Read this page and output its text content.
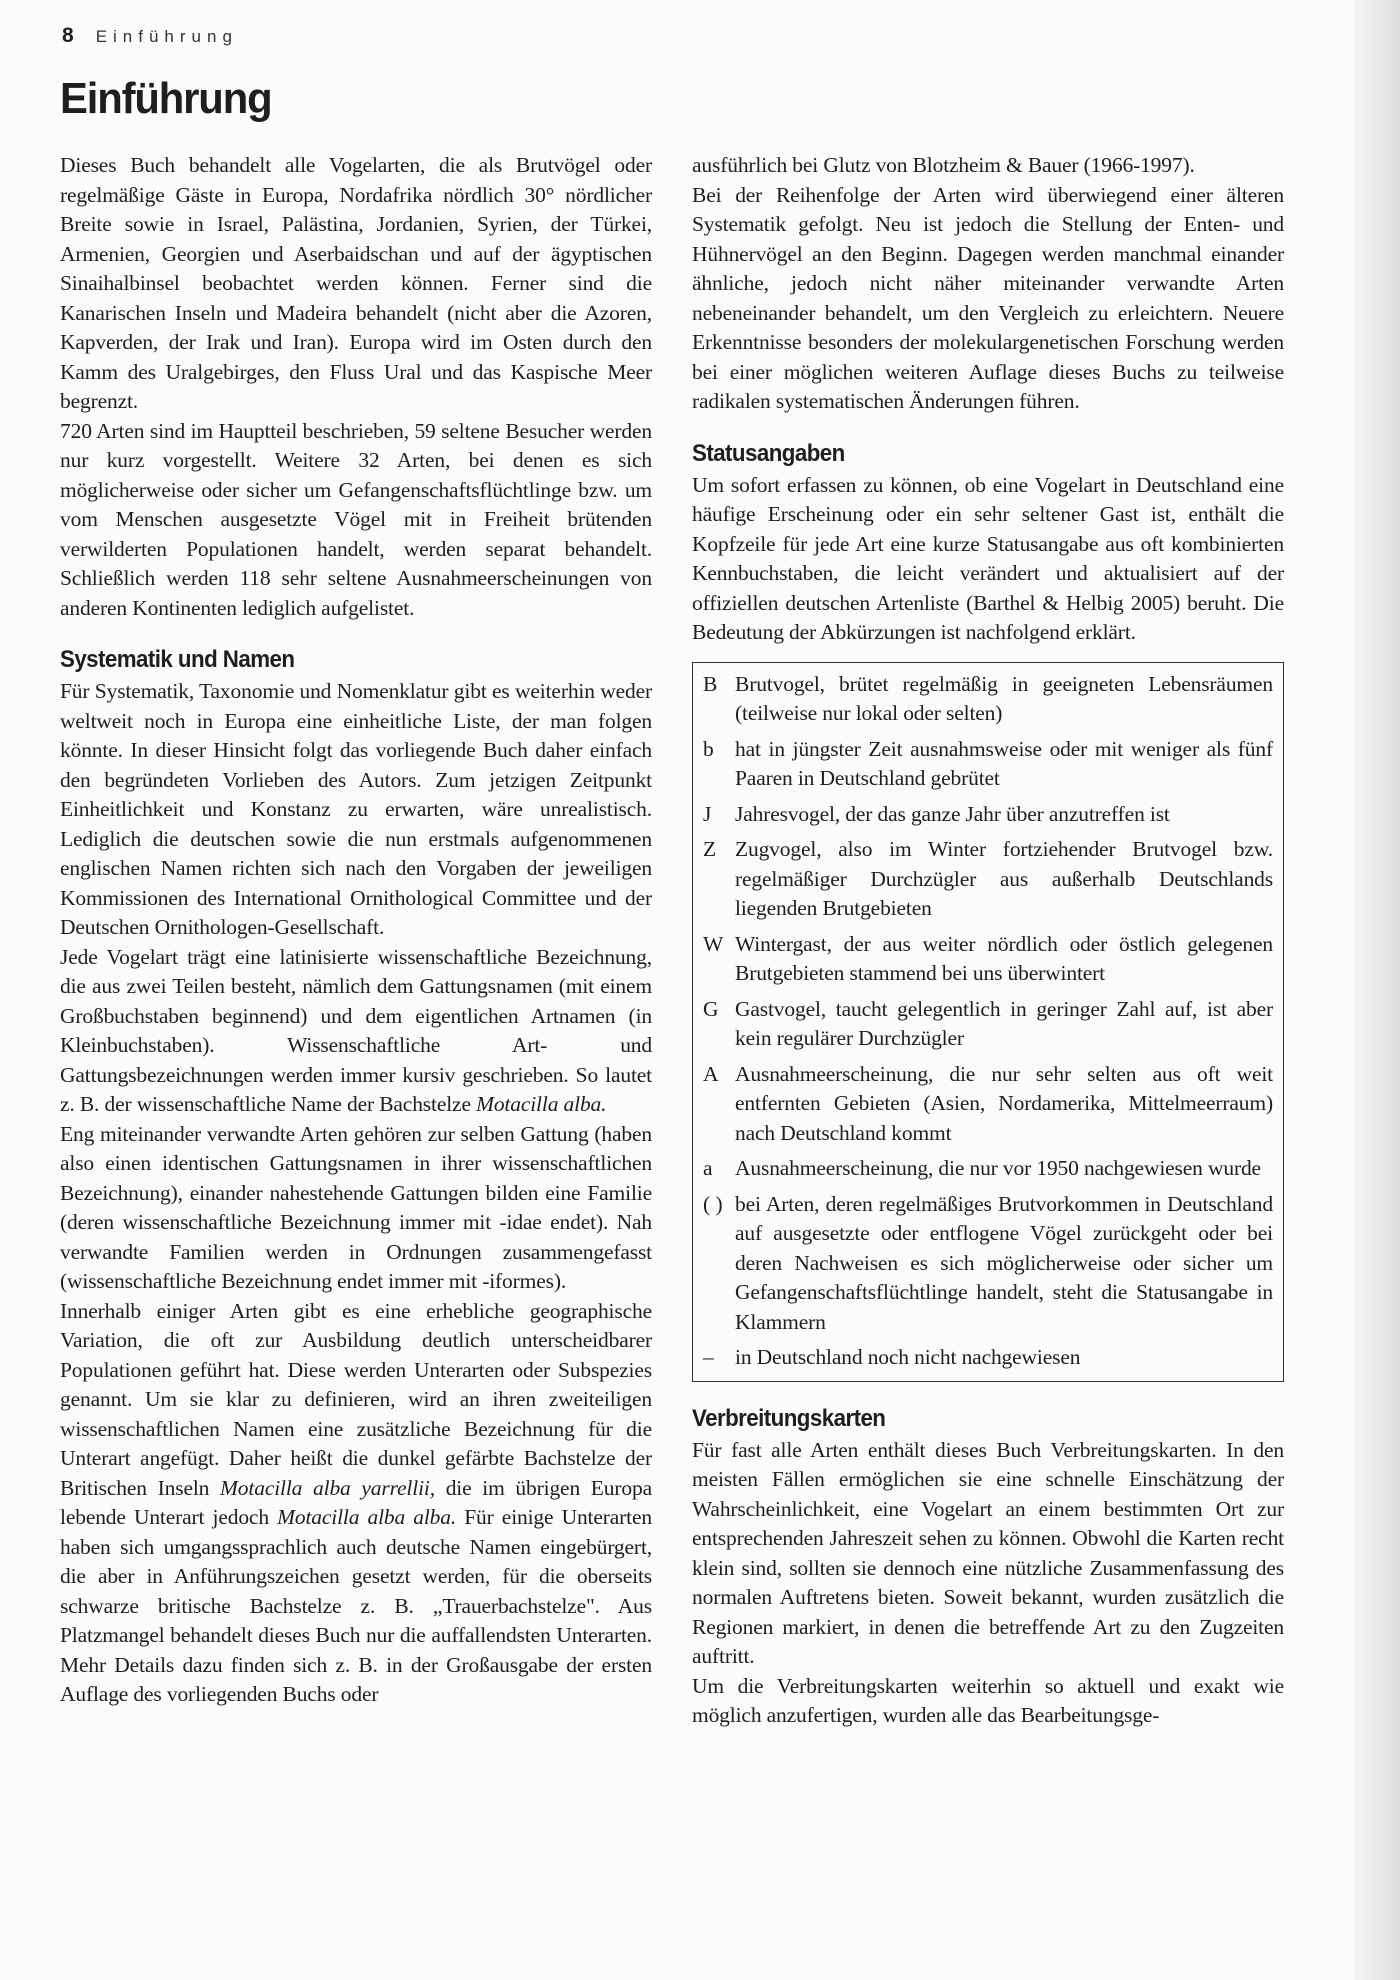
8 Einführung
Einführung

Dieses Buch behandelt alle Vogelarten, die als Brutvögel oder regelmäßige Gäste in Europa, Nordafrika nördlich 30° nördlicher Breite sowie in Israel, Palästina, Jordanien, Syrien, der Türkei, Armenien, Georgien und Aserbaidschan und auf der ägyptischen Sinaihalbinsel beobachtet werden können. Ferner sind die Kanarischen Inseln und Madeira behandelt (nicht aber die Azoren, Kapverden, der Irak und Iran). Europa wird im Osten durch den Kamm des Uralgebirges, den Fluss Ural und das Kaspische Meer begrenzt.

720 Arten sind im Hauptteil beschrieben, 59 seltene Besucher werden nur kurz vorgestellt. Weitere 32 Arten, bei denen es sich möglicherweise oder sicher um Gefangenschaftsflüchtlinge bzw. um vom Menschen ausgesetzte Vögel mit in Freiheit brütenden verwilderten Populationen handelt, werden separat behandelt. Schließlich werden 118 sehr seltene Ausnahmeerscheinungen von anderen Kontinenten lediglich aufgelistet.

Systematik und Namen

Für Systematik, Taxonomie und Nomenklatur gibt es weiterhin weder weltweit noch in Europa eine einheitliche Liste, der man folgen könnte. In dieser Hinsicht folgt das vorliegende Buch daher einfach den begründeten Vorlieben des Autors. Zum jetzigen Zeitpunkt Einheitlichkeit und Konstanz zu erwarten, wäre unrealistisch. Lediglich die deutschen sowie die nun erstmals aufgenommenen englischen Namen richten sich nach den Vorgaben der jeweiligen Kommissionen des International Ornithological Committee und der Deutschen Ornithologen-Gesellschaft.

Jede Vogelart trägt eine latinisierte wissenschaftliche Bezeichnung, die aus zwei Teilen besteht, nämlich dem Gattungsnamen (mit einem Großbuchstaben beginnend) und dem eigentlichen Artnamen (in Kleinbuchstaben). Wissenschaftliche Art- und Gattungsbezeichnungen werden immer kursiv geschrieben. So lautet z. B. der wissenschaftliche Name der Bachstelze Motacilla alba.

Eng miteinander verwandte Arten gehören zur selben Gattung (haben also einen identischen Gattungsnamen in ihrer wissenschaftlichen Bezeichnung), einander nahestehende Gattungen bilden eine Familie (deren wissenschaftliche Bezeichnung immer mit -idae endet). Nah verwandte Familien werden in Ordnungen zusammengefasst (wissenschaftliche Bezeichnung endet immer mit -iformes).

Innerhalb einiger Arten gibt es eine erhebliche geographische Variation, die oft zur Ausbildung deutlich unterscheidbarer Populationen geführt hat. Diese werden Unterarten oder Subspezies genannt. Um sie klar zu definieren, wird an ihren zweiteiligen wissenschaftlichen Namen eine zusätzliche Bezeichnung für die Unterart angefügt. Daher heißt die dunkel gefärbte Bachstelze der Britischen Inseln Motacilla alba yarrellii, die im übrigen Europa lebende Unterart jedoch Motacilla alba alba. Für einige Unterarten haben sich umgangssprachlich auch deutsche Namen eingebürgert, die aber in Anführungszeichen gesetzt werden, für die oberseits schwarze britische Bachstelze z. B. „Trauerbachstelze". Aus Platzmangel behandelt dieses Buch nur die auffallendsten Unterarten. Mehr Details dazu finden sich z. B. in der Großausgabe der ersten Auflage des vorliegenden Buchs oder

ausführlich bei Glutz von Blotzheim & Bauer (1966-1997).

Bei der Reihenfolge der Arten wird überwiegend einer älteren Systematik gefolgt. Neu ist jedoch die Stellung der Enten- und Hühnervögel an den Beginn. Dagegen werden manchmal einander ähnliche, jedoch nicht näher miteinander verwandte Arten nebeneinander behandelt, um den Vergleich zu erleichtern. Neuere Erkenntnisse besonders der molekulargenetischen Forschung werden bei einer möglichen weiteren Auflage dieses Buchs zu teilweise radikalen systematischen Änderungen führen.

Statusangaben

Um sofort erfassen zu können, ob eine Vogelart in Deutschland eine häufige Erscheinung oder ein sehr seltener Gast ist, enthält die Kopfzeile für jede Art eine kurze Statusangabe aus oft kombinierten Kennbuchstaben, die leicht verändert und aktualisiert auf der offiziellen deutschen Artenliste (Barthel & Helbig 2005) beruht. Die Bedeutung der Abkürzungen ist nachfolgend erklärt.

B Brutvogel, brütet regelmäßig in geeigneten Lebensräumen (teilweise nur lokal oder selten)
b hat in jüngster Zeit ausnahmsweise oder mit weniger als fünf Paaren in Deutschland gebrütet
J	Jahresvogel, der das ganze Jahr über anzutreffen ist
Z Zugvogel, also im Winter fortziehender Brutvogel bzw. regelmäßiger Durchzügler aus außerhalb Deutschlands liegenden Brutgebieten
W Wintergast, der aus weiter nördlich oder östlich gelegenen Brutgebieten stammend bei uns überwintert
G Gastvogel, taucht gelegentlich in geringer Zahl auf, ist aber kein regulärer Durchzügler
A Ausnahmeerscheinung, die nur sehr selten aus oft weit entfernten Gebieten (Asien, Nordamerika, Mittelmeerraum) nach Deutschland kommt
a	Ausnahmeerscheinung, die nur vor 1950 nachgewiesen wurde
( ) bei Arten, deren regelmäßiges Brutvorkommen in Deutschland auf ausgesetzte oder entflogene Vögel zurückgeht oder bei deren Nachweisen es sich möglicherweise oder sicher um Gefangenschaftsflüchtlinge handelt, steht die Statusangabe in Klammern
– in Deutschland noch nicht nachgewiesen
Verbreitungskarten

Für fast alle Arten enthält dieses Buch Verbreitungskarten. In den meisten Fällen ermöglichen sie eine schnelle Einschätzung der Wahrscheinlichkeit, eine Vogelart an einem bestimmten Ort zur entsprechenden Jahreszeit sehen zu können. Obwohl die Karten recht klein sind, sollten sie dennoch eine nützliche Zusammenfassung des normalen Auftretens bieten. Soweit bekannt, wurden zusätzlich die Regionen markiert, in denen die betreffende Art zu den Zugzeiten auftritt.

Um die Verbreitungskarten weiterhin so aktuell und exakt wie möglich anzufertigen, wurden alle das Bearbeitungsge-
